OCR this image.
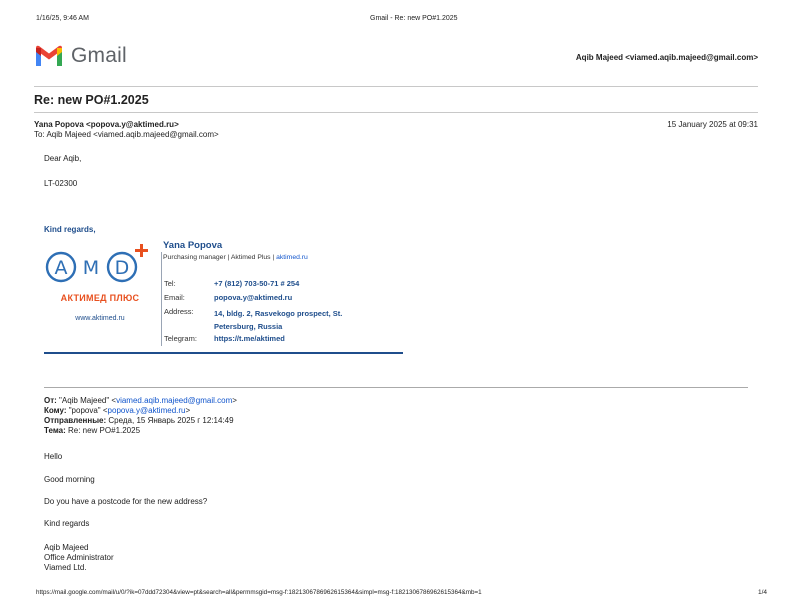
1/16/25, 9:46 AM	Gmail - Re: new PO#1.2025
Gmail	Aqib Majeed <viamed.aqib.majeed@gmail.com>
Re: new PO#1.2025
Yana Popova <popova.y@aktimed.ru>	15 January 2025 at 09:31
To: Aqib Majeed <viamed.aqib.majeed@gmail.com>
Dear Aqib,
LT-02300
Kind regards,
A M D
АКТИМЕД ПЛЮС
www.aktimed.ru
Yana Popova
Purchasing manager | Aktimed Plus | aktimed.ru
Tel:	+7 (812) 703-50-71 # 254
Email:	popova.y@aktimed.ru
Address:	14, bldg. 2, Rasvekogo prospect, St. Petersburg, Russia
Telegram: https://t.me/aktimed
От: "Aqib Majeed" <viamed.aqib.majeed@gmail.com>
Кому: "popova" <popova.y@aktimed.ru>
Отправленные: Среда, 15 Январь 2025 г 12:14:49
Тема: Re: new PO#1.2025
Hello
Good morning
Do you have a postcode for the new address?
Kind regards
Aqib Majeed
Office Administrator
Viamed Ltd.
https://mail.google.com/mail/u/0/?ik=07ddd72304&view=pt&search=all&permmsgid=msg-f:1821306786962615364&simpl=msg-f:1821306786962615364&mb=1	1/4
